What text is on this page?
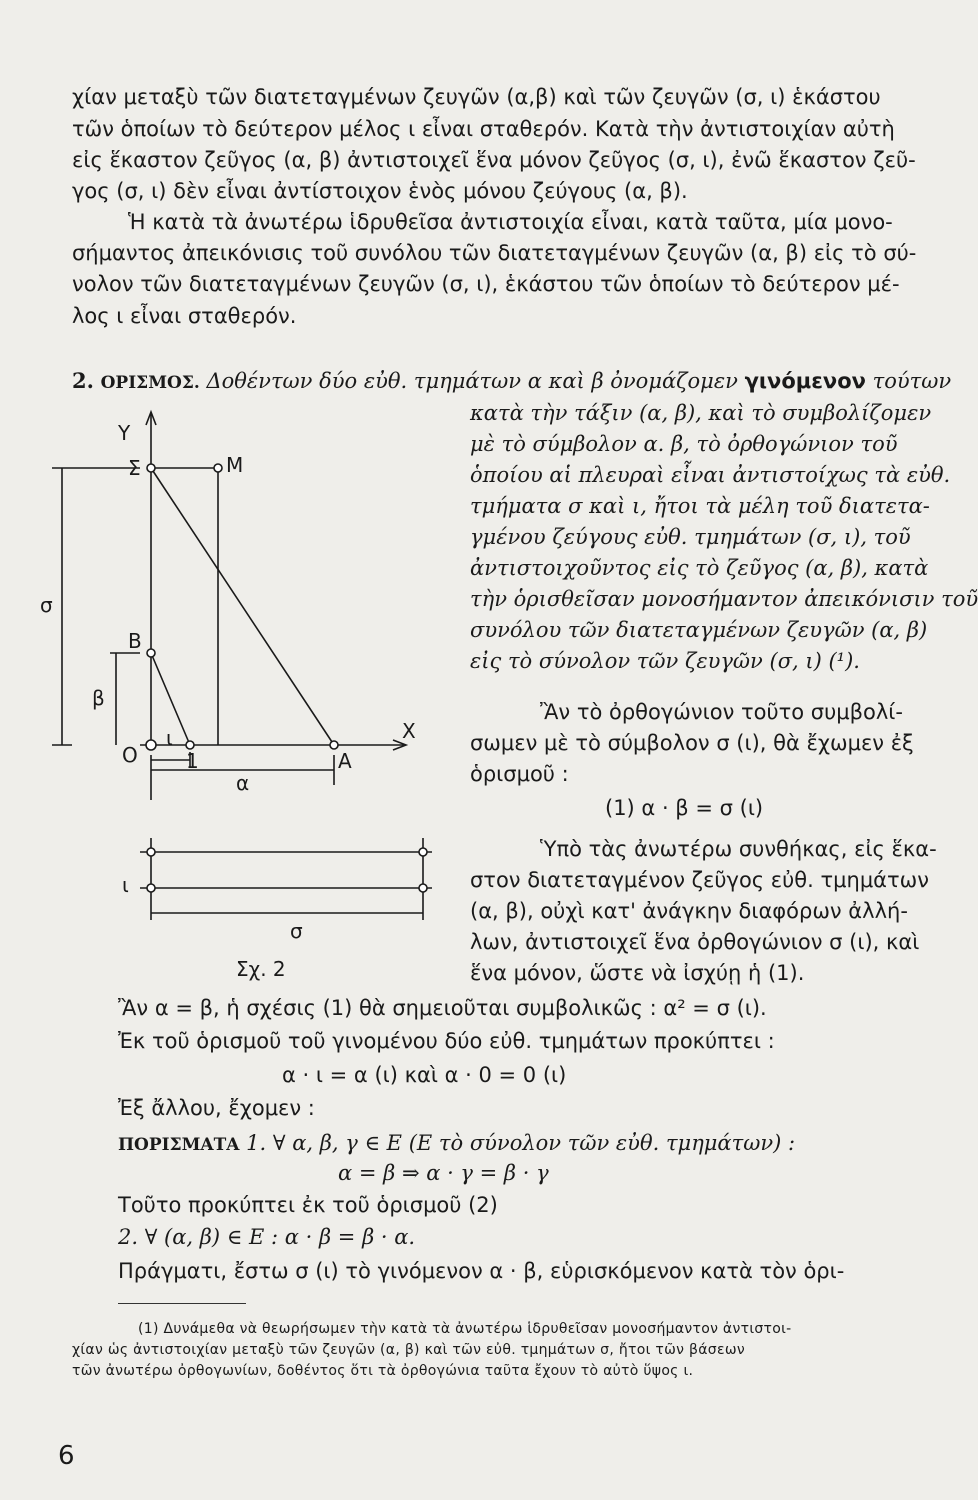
χίαν μεταξὺ τῶν διατεταγμένων ζευγῶν (α,β) καὶ τῶν ζευγῶν (σ, ι) ἑκάστου
τῶν ὁποίων τὸ δεύτερον μέλος ι εἶναι σταθερόν. Κατὰ τὴν ἀντιστοιχίαν αὐτὴ
εἰς ἕκαστον ζεῦγος (α, β) ἀντιστοιχεῖ ἕνα μόνον ζεῦγος (σ, ι), ἐνῶ ἕκαστον ζεῦ-
γος (σ, ι) δὲν εἶναι ἀντίστοιχον ἑνὸς μόνου ζεύγους (α, β).
Ἡ κατὰ τὰ ἀνωτέρω ἱδρυθεῖσα ἀντιστοιχία εἶναι, κατὰ ταῦτα, μία μονο-
σήμαντος ἀπεικόνισις τοῦ συνόλου τῶν διατεταγμένων ζευγῶν (α, β) εἰς τὸ σύ-
νολον τῶν διατεταγμένων ζευγῶν (σ, ι), ἑκάστου τῶν ὁποίων τὸ δεύτερον μέ-
λος ι εἶναι σταθερόν.
2. ΟΡΙΣΜΟΣ. Δοθέντων δύο εὐθ. τμημάτων α καὶ β ὀνομάζομεν γινόμενον τούτων
κατὰ τὴν τάξιν (α, β), καὶ τὸ συμβολίζομεν
μὲ τὸ σύμβολον α. β, τὸ ὀρθογώνιον τοῦ
ὁποίου αἱ πλευραὶ εἶναι ἀντιστοίχως τὰ εὐθ.
τμήματα σ καὶ ι, ἤτοι τὰ μέλη τοῦ διατετα-
γμένου ζεύγους εὐθ. τμημάτων (σ, ι), τοῦ
ἀντιστοιχοῦντος εἰς τὸ ζεῦγος (α, β), κατὰ
τὴν ὁρισθεῖσαν μονοσήμαντον ἀπεικόνισιν τοῦ
συνόλου τῶν διατεταγμένων ζευγῶν (α, β)
εἰς τὸ σύνολον τῶν ζευγῶν (σ, ι) (¹).
Ἂν τὸ ὀρθογώνιον τοῦτο συμβολί-
σωμεν μὲ τὸ σύμβολον σ (ι), θὰ ἔχωμεν ἐξ
ὁρισμοῦ :
(1) α · β = σ (ι)
Ὑπὸ τὰς ἀνωτέρω συνθήκας, εἰς ἕκα-
στον διατεταγμένον ζεῦγος εὐθ. τμημάτων
(α, β), οὐχὶ κατ' ἀνάγκην διαφόρων ἀλλή-
λων, ἀντιστοιχεῖ ἕνα ὀρθογώνιον σ (ι), καὶ
ἕνα μόνον, ὥστε νὰ ἰσχύῃ ἡ (1).
Y
Σ	Μ
σ
Β
β
Ο
ι
1
Χ
Α
α
ι
σ
Σχ. 2
Ἂν α = β, ἡ σχέσις (1) θὰ σημειοῦται συμβολικῶς : α² = σ (ι).
Ἐκ τοῦ ὁρισμοῦ τοῦ γινομένου δύο εὐθ. τμημάτων προκύπτει :
α · ι = α (ι) καὶ α · 0 = 0 (ι)
Ἐξ ἄλλου, ἔχομεν :
ΠΟΡΙΣΜΑΤΑ 1. ∀ α, β, γ ∈ E (E τὸ σύνολον τῶν εὐθ. τμημάτων) :
α = β ⇒ α · γ = β · γ
Τοῦτο προκύπτει ἐκ τοῦ ὁρισμοῦ (2)
2. ∀ (α, β) ∈ E : α · β = β · α.
Πράγματι, ἔστω σ (ι) τὸ γινόμενον α · β, εὑρισκόμενον κατὰ τὸν ὁρι-
(1) Δυνάμεθα νὰ θεωρήσωμεν τὴν κατὰ τὰ ἀνωτέρω ἱδρυθεῖσαν μονοσήμαντον ἀντιστοι-
χίαν ὡς ἀντιστοιχίαν μεταξὺ τῶν ζευγῶν (α, β) καὶ τῶν εὐθ. τμημάτων σ, ἤτοι τῶν βάσεων
τῶν ἀνωτέρω ὀρθογωνίων, δοθέντος ὅτι τὰ ὀρθογώνια ταῦτα ἔχουν τὸ αὐτὸ ὕψος ι.
6
